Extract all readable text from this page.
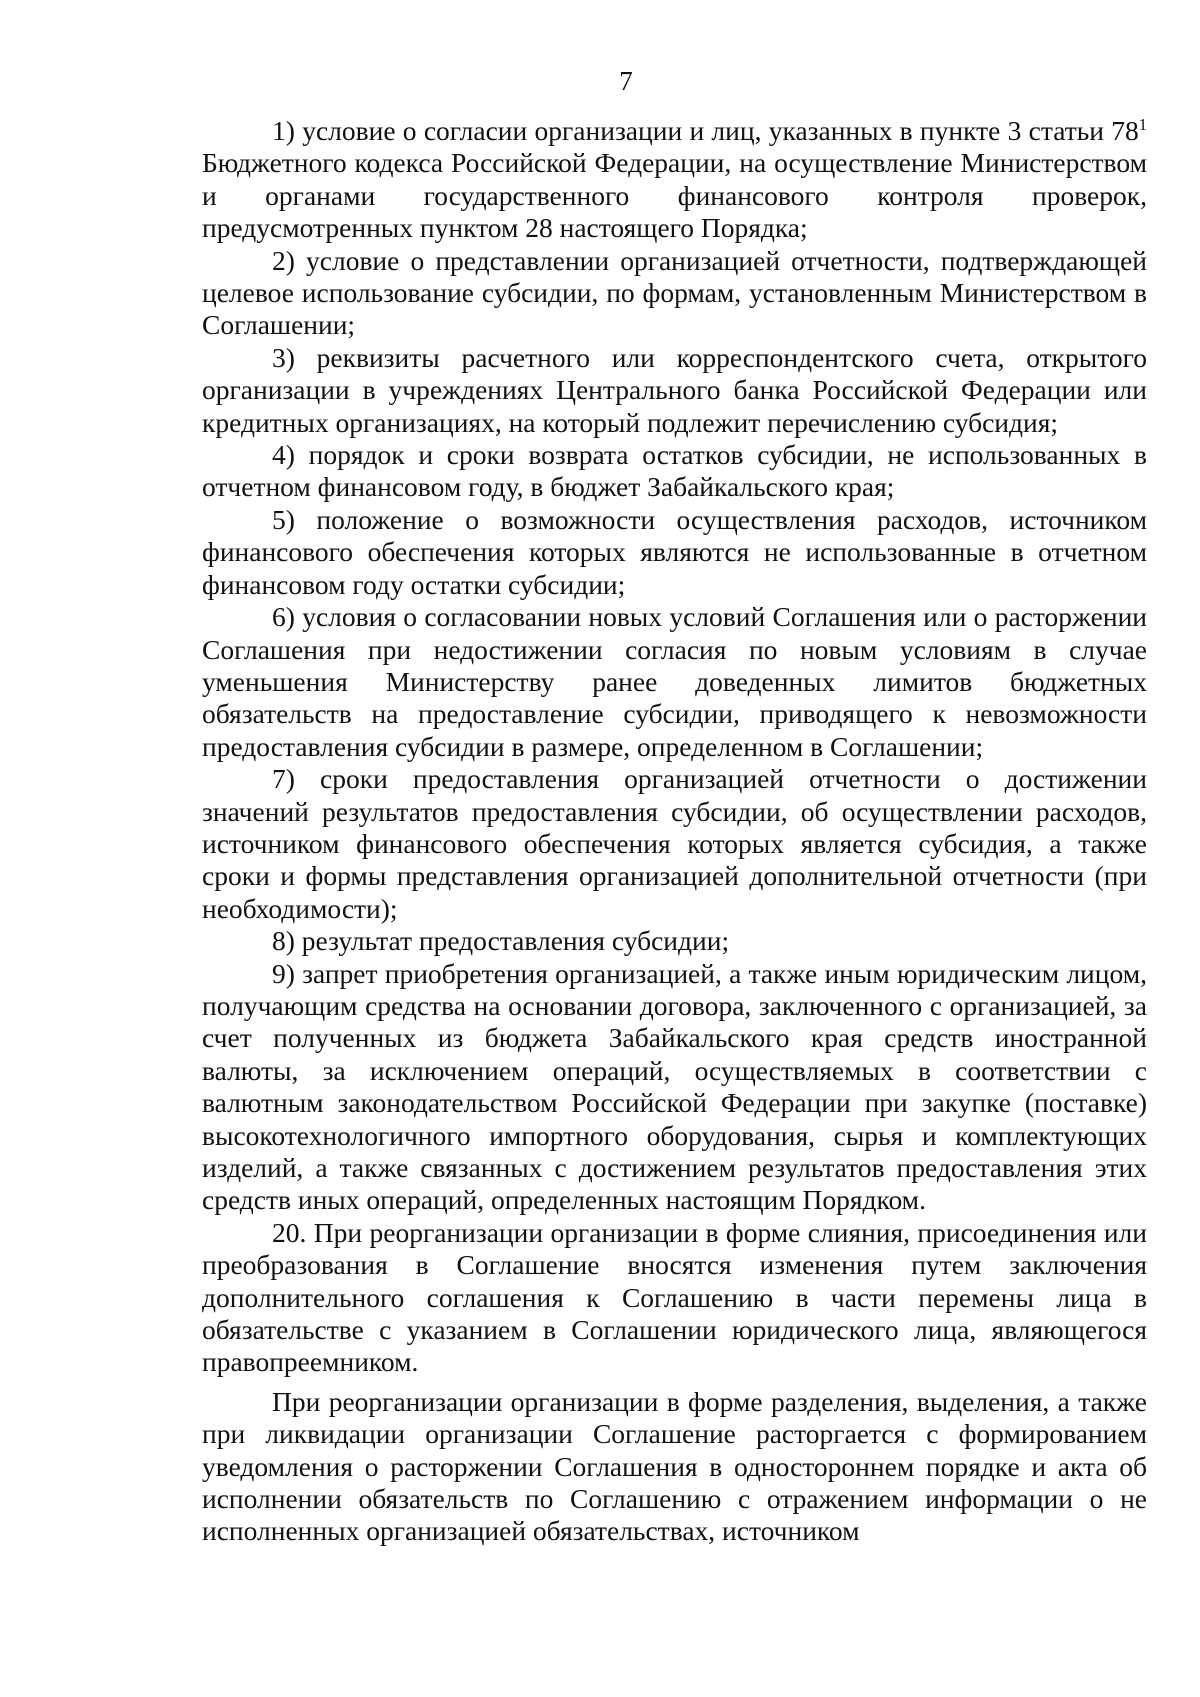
7

1) условие о согласии организации и лиц, указанных в пункте 3 статьи $78^1$ Бюджетного кодекса Российской Федерации, на осуществление Министерством и органами государственного финансового контроля проверок, предусмотренных пунктом 28 настоящего Порядка;

2) условие о представлении организацией отчетности, подтверждающей целевое использование субсидии, по формам, установленным Министерством в Соглашении;

3) реквизиты расчетного или корреспондентского счета, открытого организации в учреждениях Центрального банка Российской Федерации или кредитных организациях, на который подлежит перечислению субсидия;

4) порядок и сроки возврата остатков субсидии, не использованных в отчетном финансовом году, в бюджет Забайкальского края;

5) положение о возможности осуществления расходов, источником финансового обеспечения которых являются не использованные в отчетном финансовом году остатки субсидии;

6) условия о согласовании новых условий Соглашения или о расторжении Соглашения при недостижении согласия по новым условиям в случае уменьшения Министерству ранее доведенных лимитов бюджетных обязательств на предоставление субсидии, приводящего к невозможности предоставления субсидии в размере, определенном в Соглашении;

7) сроки предоставления организацией отчетности о достижении значений результатов предоставления субсидии, об осуществлении расходов, источником финансового обеспечения которых является субсидия, а также сроки и формы представления организацией дополнительной отчетности (при необходимости);

8) результат предоставления субсидии;

9) запрет приобретения организацией, а также иным юридическим лицом, получающим средства на основании договора, заключенного с организацией, за счет полученных из бюджета Забайкальского края средств иностранной валюты, за исключением операций, осуществляемых в соответствии с валютным законодательством Российской Федерации при закупке (поставке) высокотехнологичного импортного оборудования, сырья и комплектующих изделий, а также связанных с достижением результатов предоставления этих средств иных операций, определенных настоящим Порядком.

20. При реорганизации организации в форме слияния, присоединения или преобразования в Соглашение вносятся изменения путем заключения дополнительного соглашения к Соглашению в части перемены лица в обязательстве с указанием в Соглашении юридического лица, являющегося правопреемником.

При реорганизации организации в форме разделения, выделения, а также при ликвидации организации Соглашение расторгается с формированием уведомления о расторжении Соглашения в одностороннем порядке и акта об исполнении обязательств по Соглашению с отражением информации о не исполненных организацией обязательствах, источником
